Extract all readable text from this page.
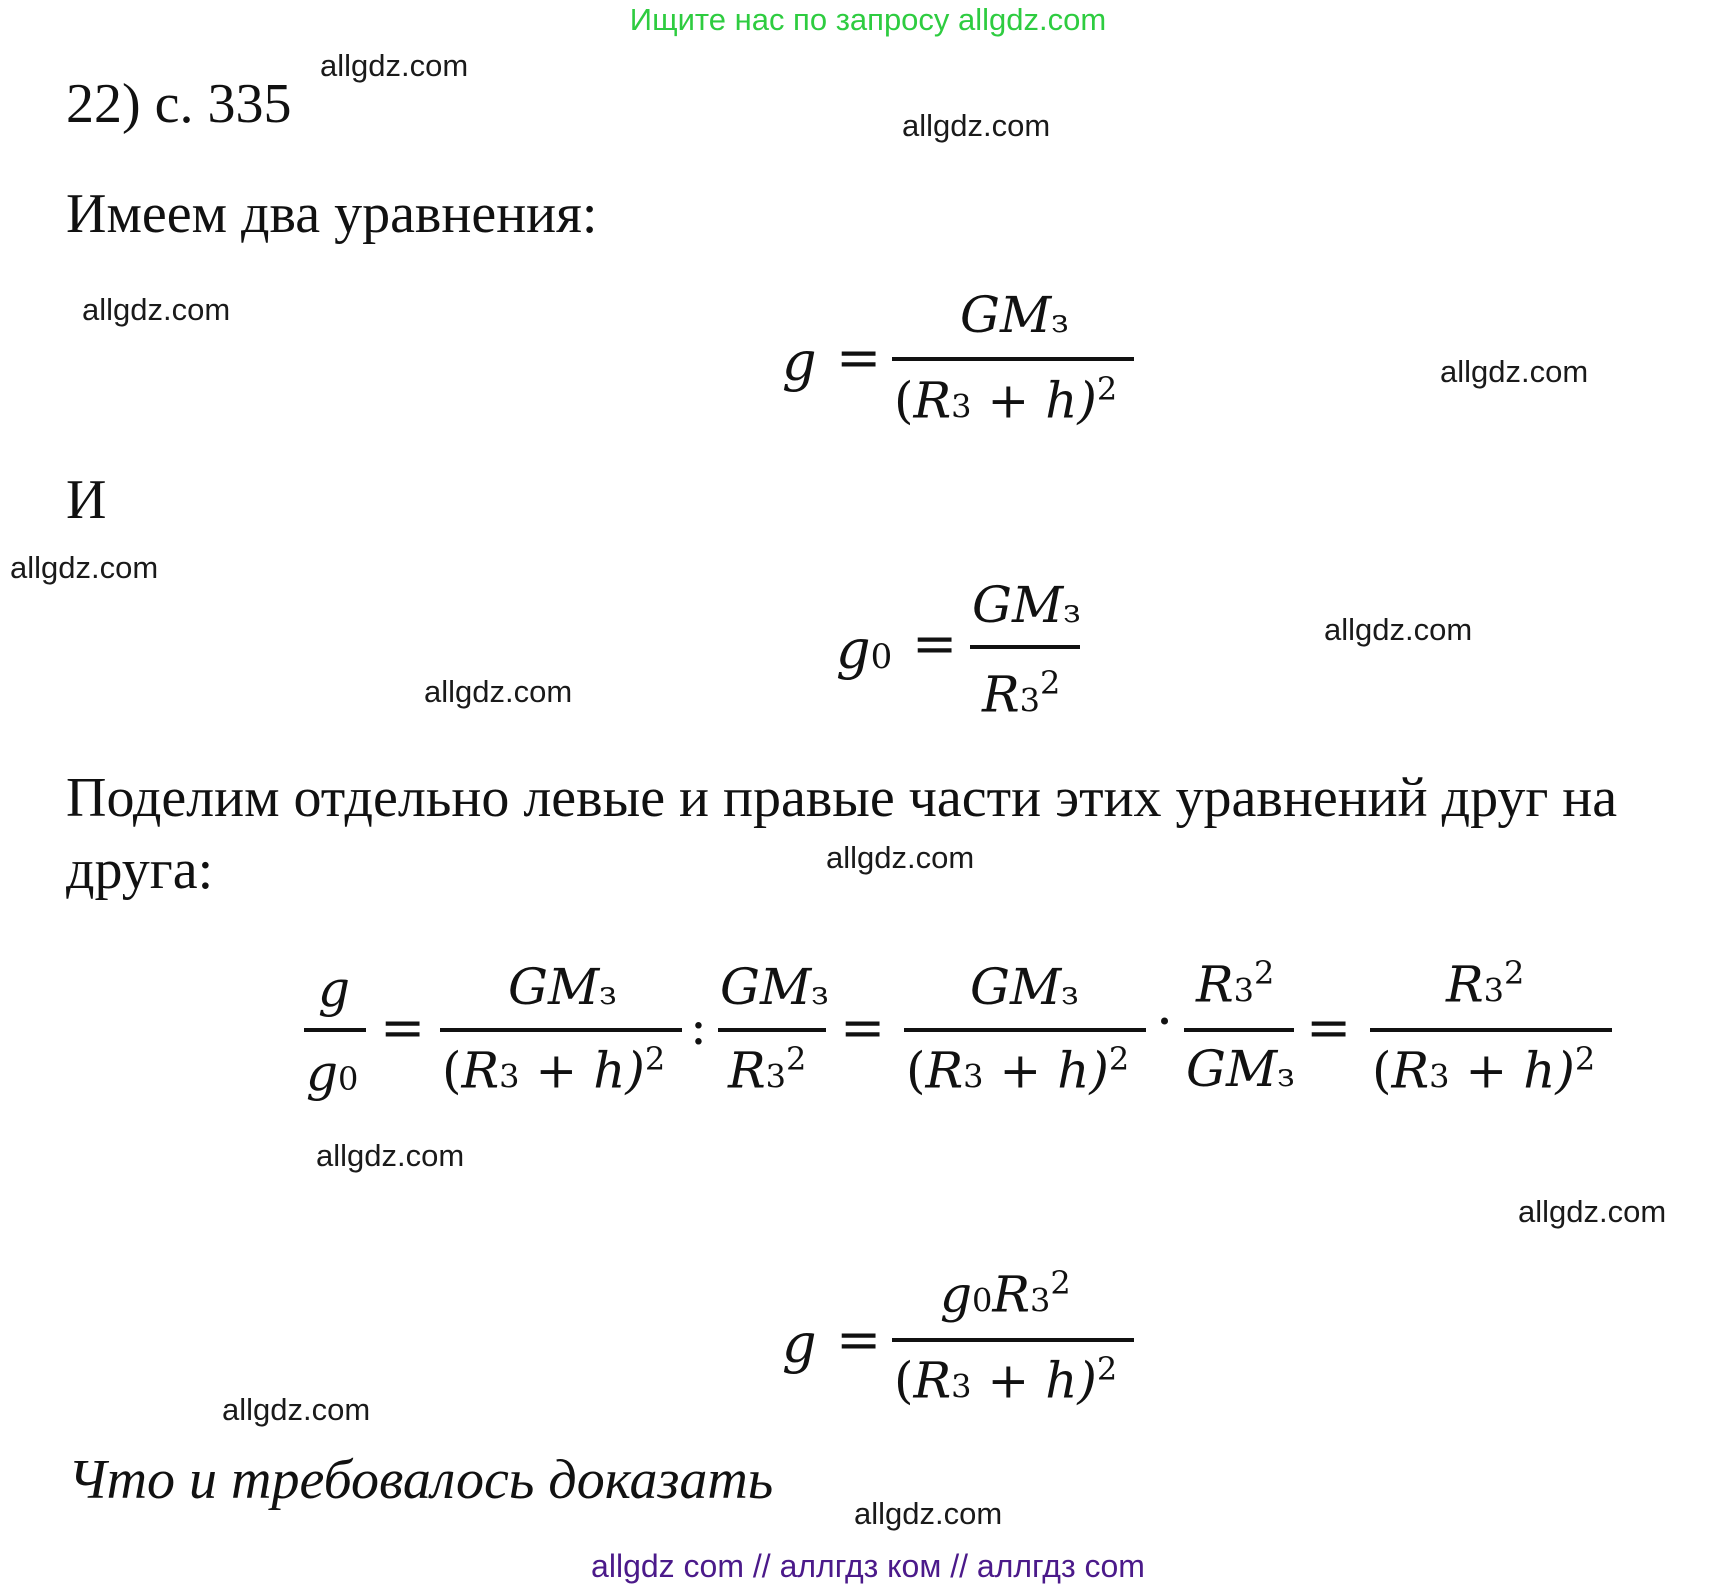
Ищите нас по запросу allgdz.com
22) с. 335
Имеем два уравнения:
g =
GMз
$(R3 + h)^2$
И
g0 =
GMз
$R3^2$
Поделим отдельно левые и правые части этих уравнений друг на
друга:
g
g0
=
GMз
$(R3 + h)^2$
:
GMз
$R3^2$ =
GMз
$(R3 + h)^2$
·
$R3^2$
GMз
=
$R3^2$
$(R3 + h)^2$
g =
$g0R3^2$
$(R3 + h)^2$
Что и требовалось доказать
allgdz.com
allgdz.com
allgdz.com
allgdz.com
allgdz.com
allgdz.com
allgdz.com
allgdz.com
allgdz.com
allgdz.com
allgdz.com
allgdz.com
allgdz com // аллгдз ком // аллгдз com
